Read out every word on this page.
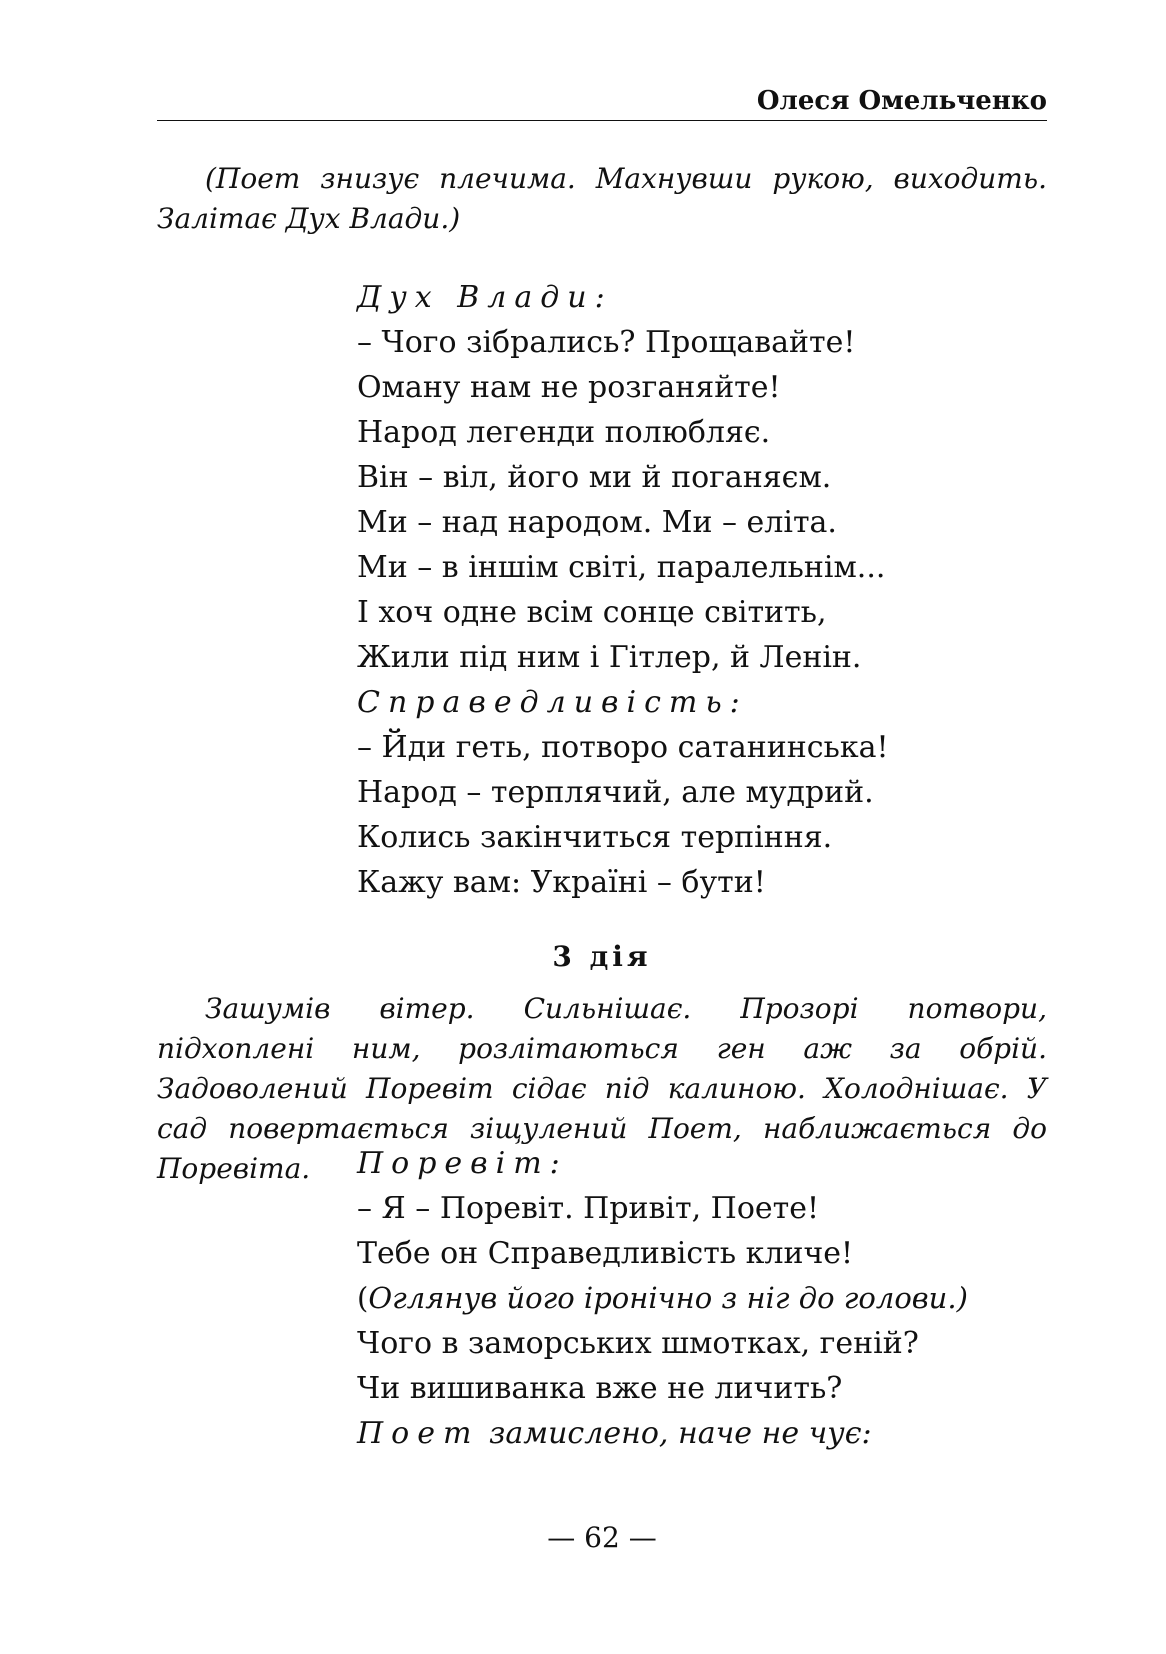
Олеся Омельченко
(Поет знизує плечима. Махнувши рукою, виходить. Залітає Дух Влади.)
Дух Влади:
– Чого зібрались? Прощавайте!
Оману нам не розганяйте!
Народ легенди полюбляє.
Він – віл, його ми й поганяєм.
Ми – над народом. Ми – еліта.
Ми – в іншім світі, паралельнім...
І хоч одне всім сонце світить,
Жили під ним і Гітлер, й Ленін.
Справедливість:
– Йди геть, потворо сатанинська!
Народ – терплячий, але мудрий.
Колись закінчиться терпіння.
Кажу вам: Україні – бути!
3 дія
Зашумів вітер. Сильнішає. Прозорі потвори, підхоплені ним, розлітаються ген аж за обрій. Задоволений Поревіт сідає під калиною. Холоднішає. У сад повертається зіщулений Поет, наближається до Поревіта.	Поревіт:
– Я – Поревіт. Привіт, Поете!
Тебе он Справедливість кличе!
(Оглянув його іронічно з ніг до голови.)
Чого в заморських шмотках, геній?
Чи вишиванка вже не личить?
Поет замислено, наче не чує:
— 62 —
